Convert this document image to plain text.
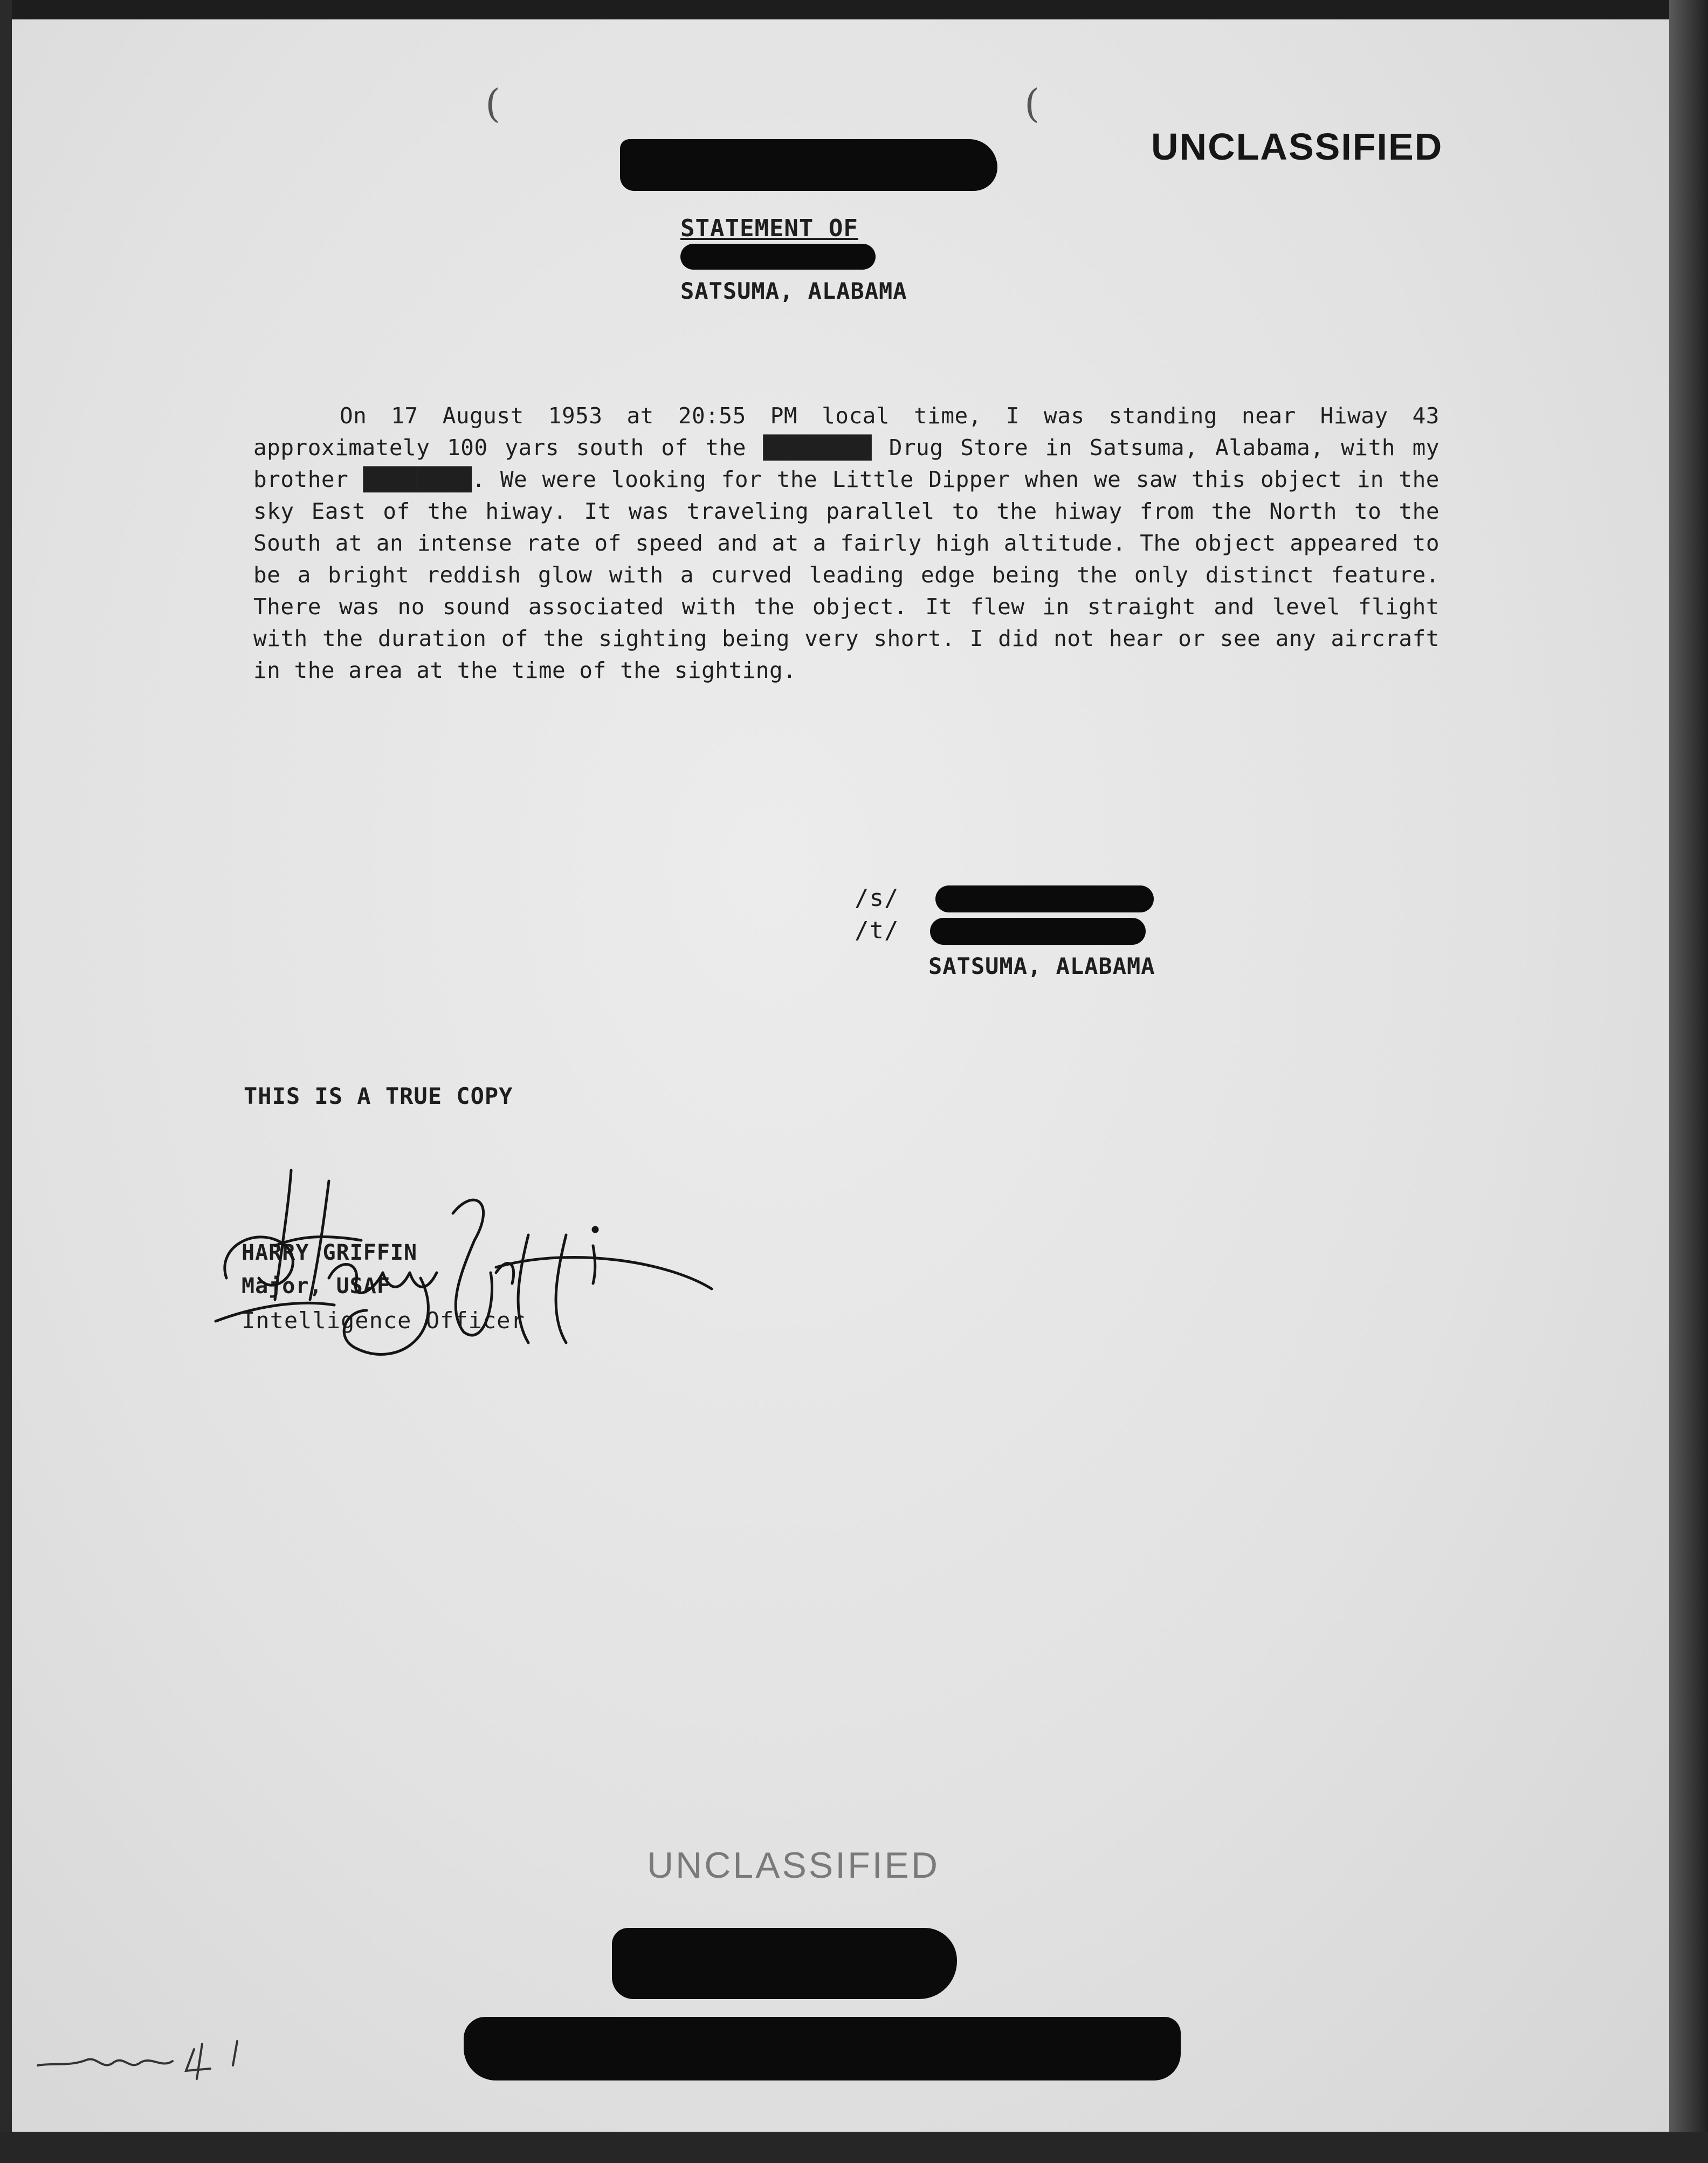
(	(
UNCLASSIFIED
STATEMENT OF
SATSUMA, ALABAMA
On 17 August 1953 at 20:55 PM local time, I was standing near Hiway 43 approximately 100 yars south of the ████████ Drug Store in Satsuma, Alabama, with my brother ████████. We were looking for the Little Dipper when we saw this object in the sky East of the hiway. It was traveling parallel to the hiway from the North to the South at an intense rate of speed and at a fairly high altitude. The object appeared to be a bright reddish glow with a curved leading edge being the only distinct feature. There was no sound associated with the object. It flew in straight and level flight with the duration of the sighting being very short. I did not hear or see any aircraft in the area at the time of the sighting.
/s/
/t/
SATSUMA, ALABAMA
THIS IS A TRUE COPY
HARRY GRIFFIN
Major, USAF
Intelligence Officer
UNCLASSIFIED
